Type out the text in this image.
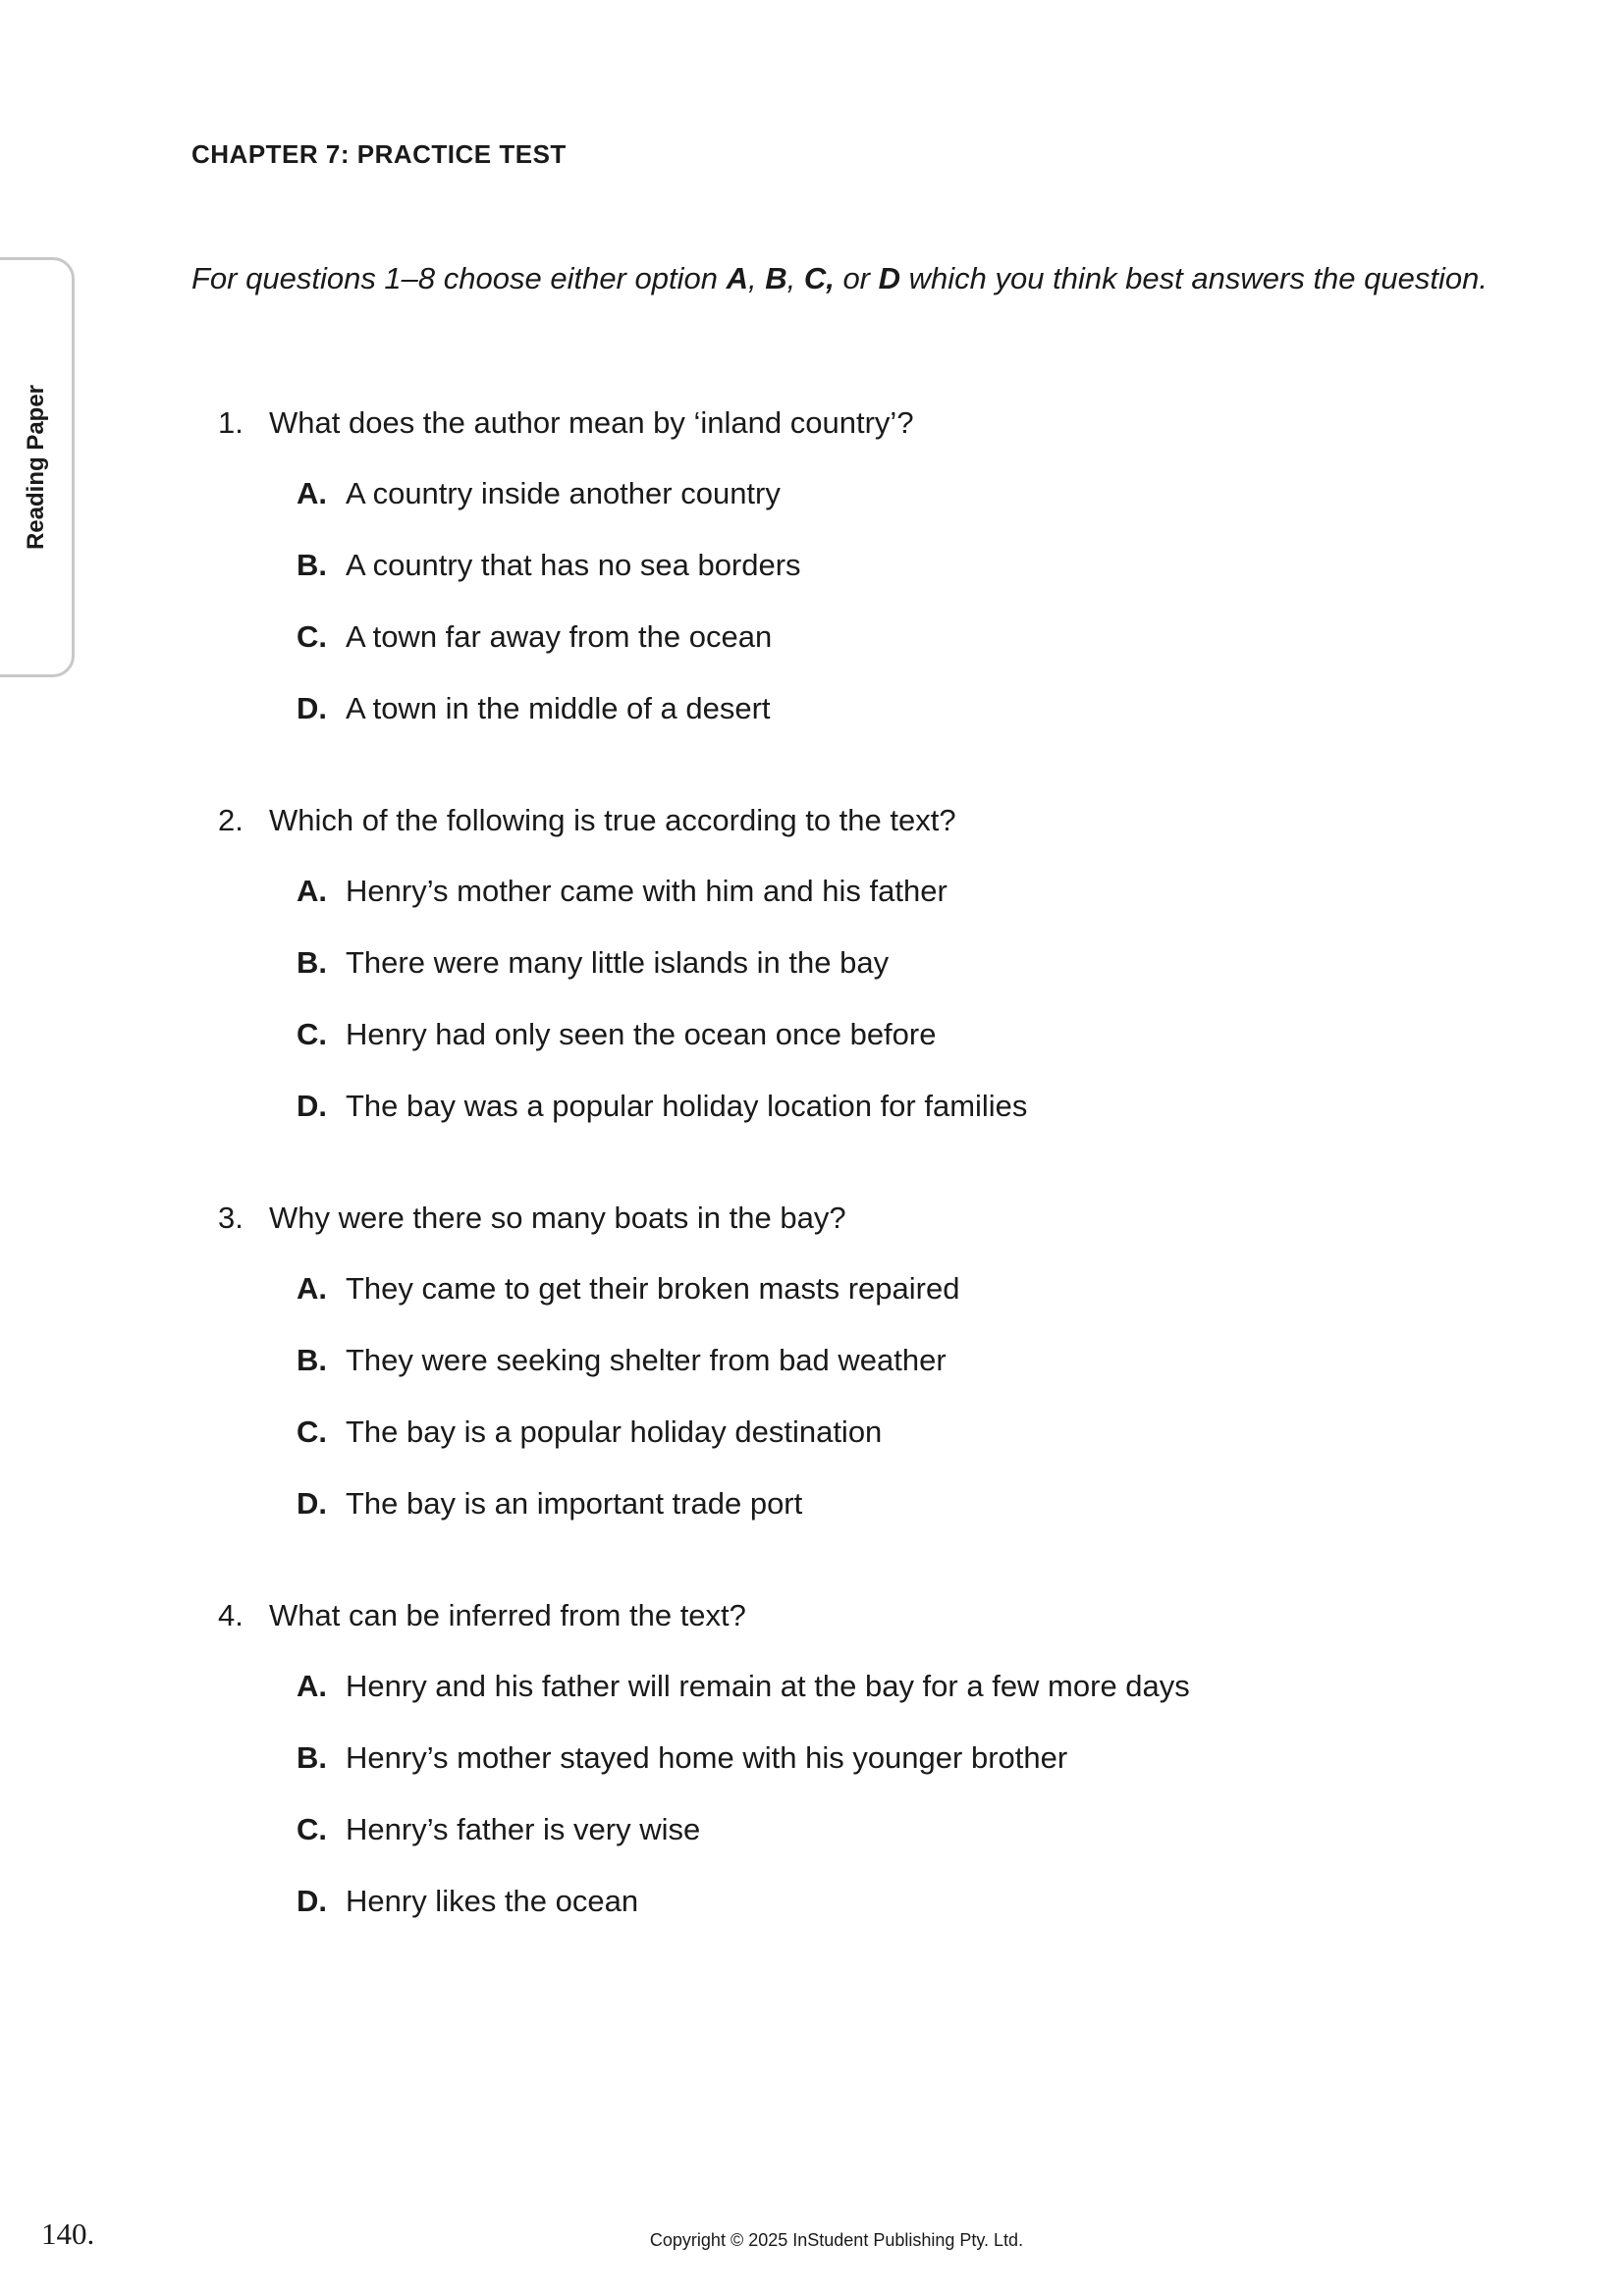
CHAPTER 7: PRACTICE TEST
Reading Paper
For questions 1–8 choose either option A, B, C, or D which you think best answers the question.
1. What does the author mean by ‘inland country’?
A. A country inside another country
B. A country that has no sea borders
C. A town far away from the ocean
D. A town in the middle of a desert
2. Which of the following is true according to the text?
A. Henry’s mother came with him and his father
B. There were many little islands in the bay
C. Henry had only seen the ocean once before
D. The bay was a popular holiday location for families
3. Why were there so many boats in the bay?
A. They came to get their broken masts repaired
B. They were seeking shelter from bad weather
C. The bay is a popular holiday destination
D. The bay is an important trade port
4. What can be inferred from the text?
A. Henry and his father will remain at the bay for a few more days
B. Henry’s mother stayed home with his younger brother
C. Henry’s father is very wise
D. Henry likes the ocean
140.	Copyright © 2025 InStudent Publishing Pty. Ltd.
